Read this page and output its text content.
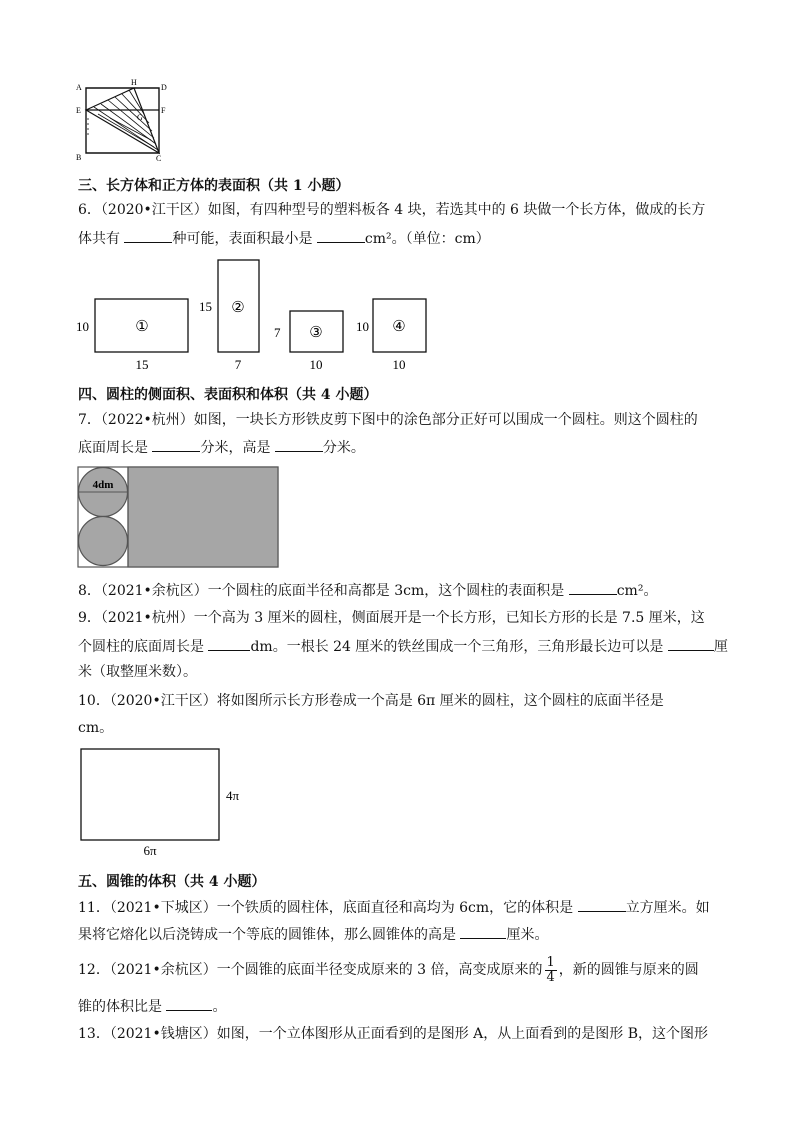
A
H
D
E	F
G
B	C
三、长方体和正方体的表面积（共 1 小题）
6．（2020•江干区）如图，有四种型号的塑料板各 4 块，若选其中的 6 块做一个长方体，做成的长方
体共有	种可能，表面积最小是	cm²。（单位：cm）
①
10
15
②
15
7
③
7
10
④
10
10
四、圆柱的侧面积、表面积和体积（共 4 小题）
7．（2022•杭州）如图，一块长方形铁皮剪下图中的涂色部分正好可以围成一个圆柱。则这个圆柱的
底面周长是	分米，高是	分米。
4dm
8．（2021•余杭区）一个圆柱的底面半径和高都是 3cm，这个圆柱的表面积是	cm²。
9．（2021•杭州）一个高为 3 厘米的圆柱，侧面展开是一个长方形，已知长方形的长是 7.5 厘米，这
个圆柱的底面周长是	dm。一根长 24 厘米的铁丝围成一个三角形，三角形最长边可以是	厘
米（取整厘米数）。
10．（2020•江干区）将如图所示长方形卷成一个高是 6π 厘米的圆柱，这个圆柱的底面半径是
cm。
4π
6π
五、圆锥的体积（共 4 小题）
11．（2021•下城区）一个铁质的圆柱体，底面直径和高均为 6cm，它的体积是	立方厘米。如
果将它熔化以后浇铸成一个等底的圆锥体，那么圆锥体的高是	厘米。
12．（2021•余杭区）一个圆锥的底面半径变成原来的 3 倍，高变成原来的 $\frac{1}{4}$ ，新的圆锥与原来的圆
锥的体积比是	。
13．（2021•钱塘区）如图，一个立体图形从正面看到的是图形 A，从上面看到的是图形 B，这个图形
